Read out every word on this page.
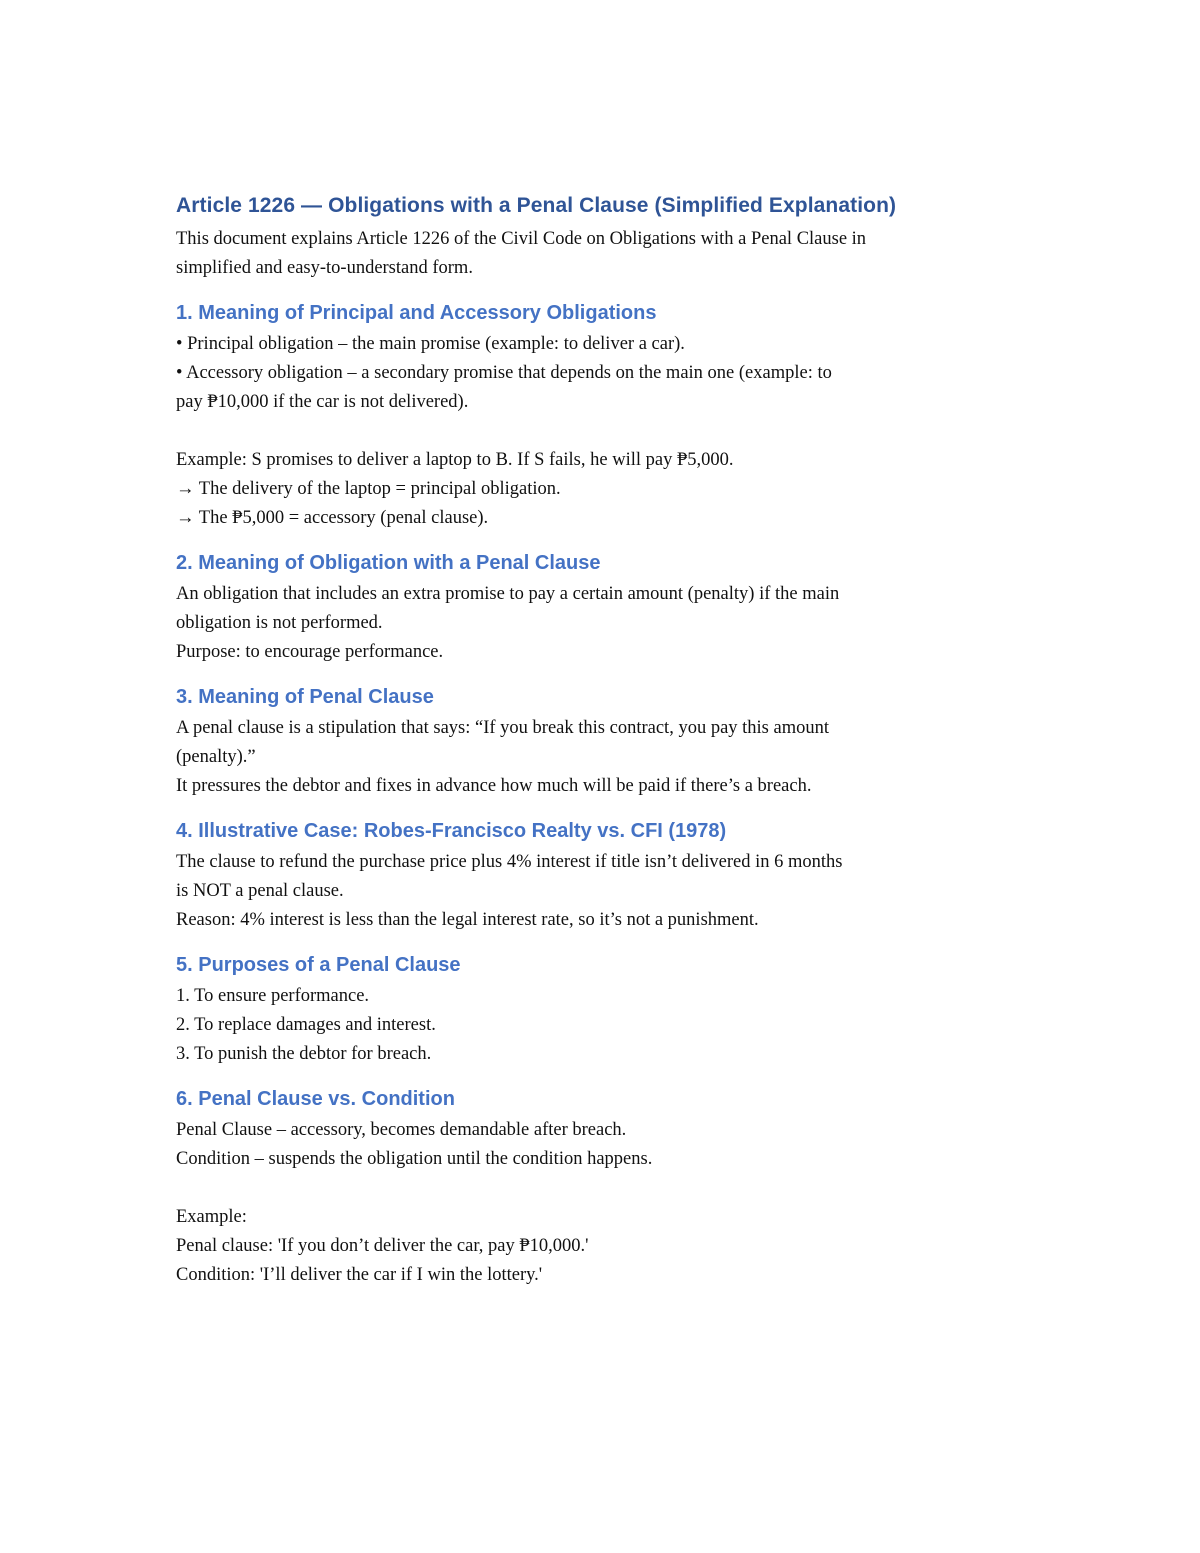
Article 1226 — Obligations with a Penal Clause (Simplified Explanation)

This document explains Article 1226 of the Civil Code on Obligations with a Penal Clause in
simplified and easy-to-understand form.

1. Meaning of Principal and Accessory Obligations

• Principal obligation – the main promise (example: to deliver a car).
• Accessory obligation – a secondary promise that depends on the main one (example: to
pay ₱10,000 if the car is not delivered).
Example: S promises to deliver a laptop to B. If S fails, he will pay ₱5,000.
→ The delivery of the laptop = principal obligation.
→ The ₱5,000 = accessory (penal clause).

2. Meaning of Obligation with a Penal Clause

An obligation that includes an extra promise to pay a certain amount (penalty) if the main
obligation is not performed.
Purpose: to encourage performance.

3. Meaning of Penal Clause

A penal clause is a stipulation that says: “If you break this contract, you pay this amount
(penalty).”
It pressures the debtor and fixes in advance how much will be paid if there’s a breach.

4. Illustrative Case: Robes-Francisco Realty vs. CFI (1978)

The clause to refund the purchase price plus 4% interest if title isn’t delivered in 6 months
is NOT a penal clause.
Reason: 4% interest is less than the legal interest rate, so it’s not a punishment.

5. Purposes of a Penal Clause

1. To ensure performance.
2. To replace damages and interest.
3. To punish the debtor for breach.

6. Penal Clause vs. Condition

Penal Clause – accessory, becomes demandable after breach.
Condition – suspends the obligation until the condition happens.
Example:
Penal clause: 'If you don’t deliver the car, pay ₱10,000.'
Condition: 'I’ll deliver the car if I win the lottery.'
